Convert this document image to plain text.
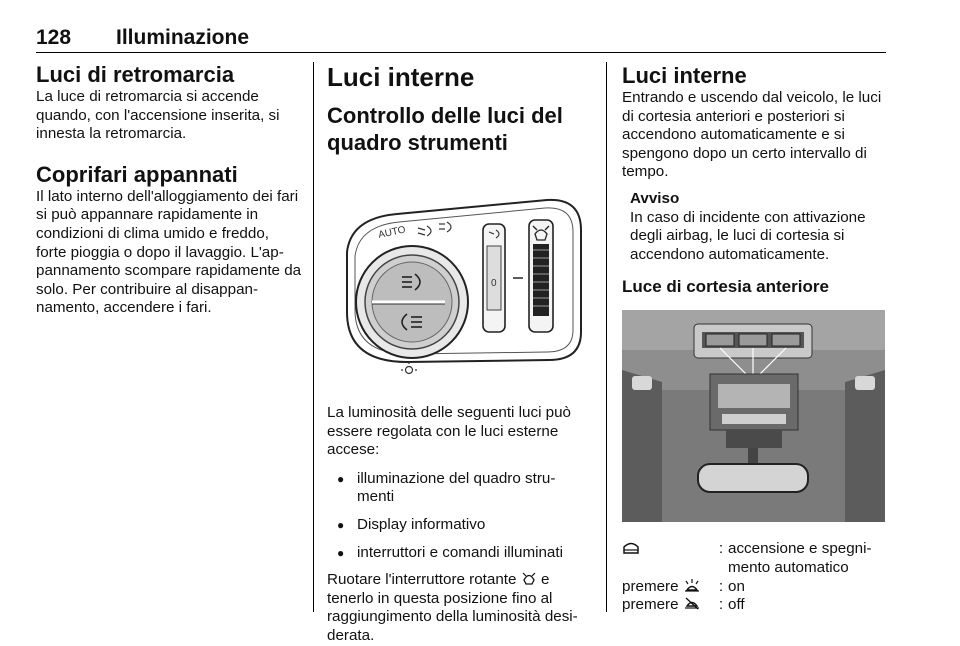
128 Illuminazione
Luci di retromarcia

La luce di retromarcia si accende quando, con l'accensione inserita, si innesta la retromarcia.

Coprifari appannati

Il lato interno dell'alloggiamento dei fari si può appannare rapidamente in condizioni di clima umido e freddo, forte pioggia o dopo il lavaggio. L'ap-pannamento scompare rapidamente da solo. Per contribuire al disappan-namento, accendere i fari.

Luci interne
Controllo delle luci del quadro strumenti
AUTO
0

La luminosità delle seguenti luci può essere regolata con le luci esterne accese:

● illuminazione del quadro stru-menti
● Display informativo
● interruttori e comandi illuminati

Ruotare l'interruttore rotante e tenerlo in questa posizione fino al raggiungimento della luminosità desi-derata.

Luci interne

Entrando e uscendo dal veicolo, le luci di cortesia anteriori e posteriori si accendono automaticamente e si spengono dopo un certo intervallo di tempo.

Avviso

In caso di incidente con attivazione degli airbag, le luci di cortesia si accendono automaticamente.

Luce di cortesia anteriore
: accensione e spegni-mento automatico
premere	: on
premere	: off
